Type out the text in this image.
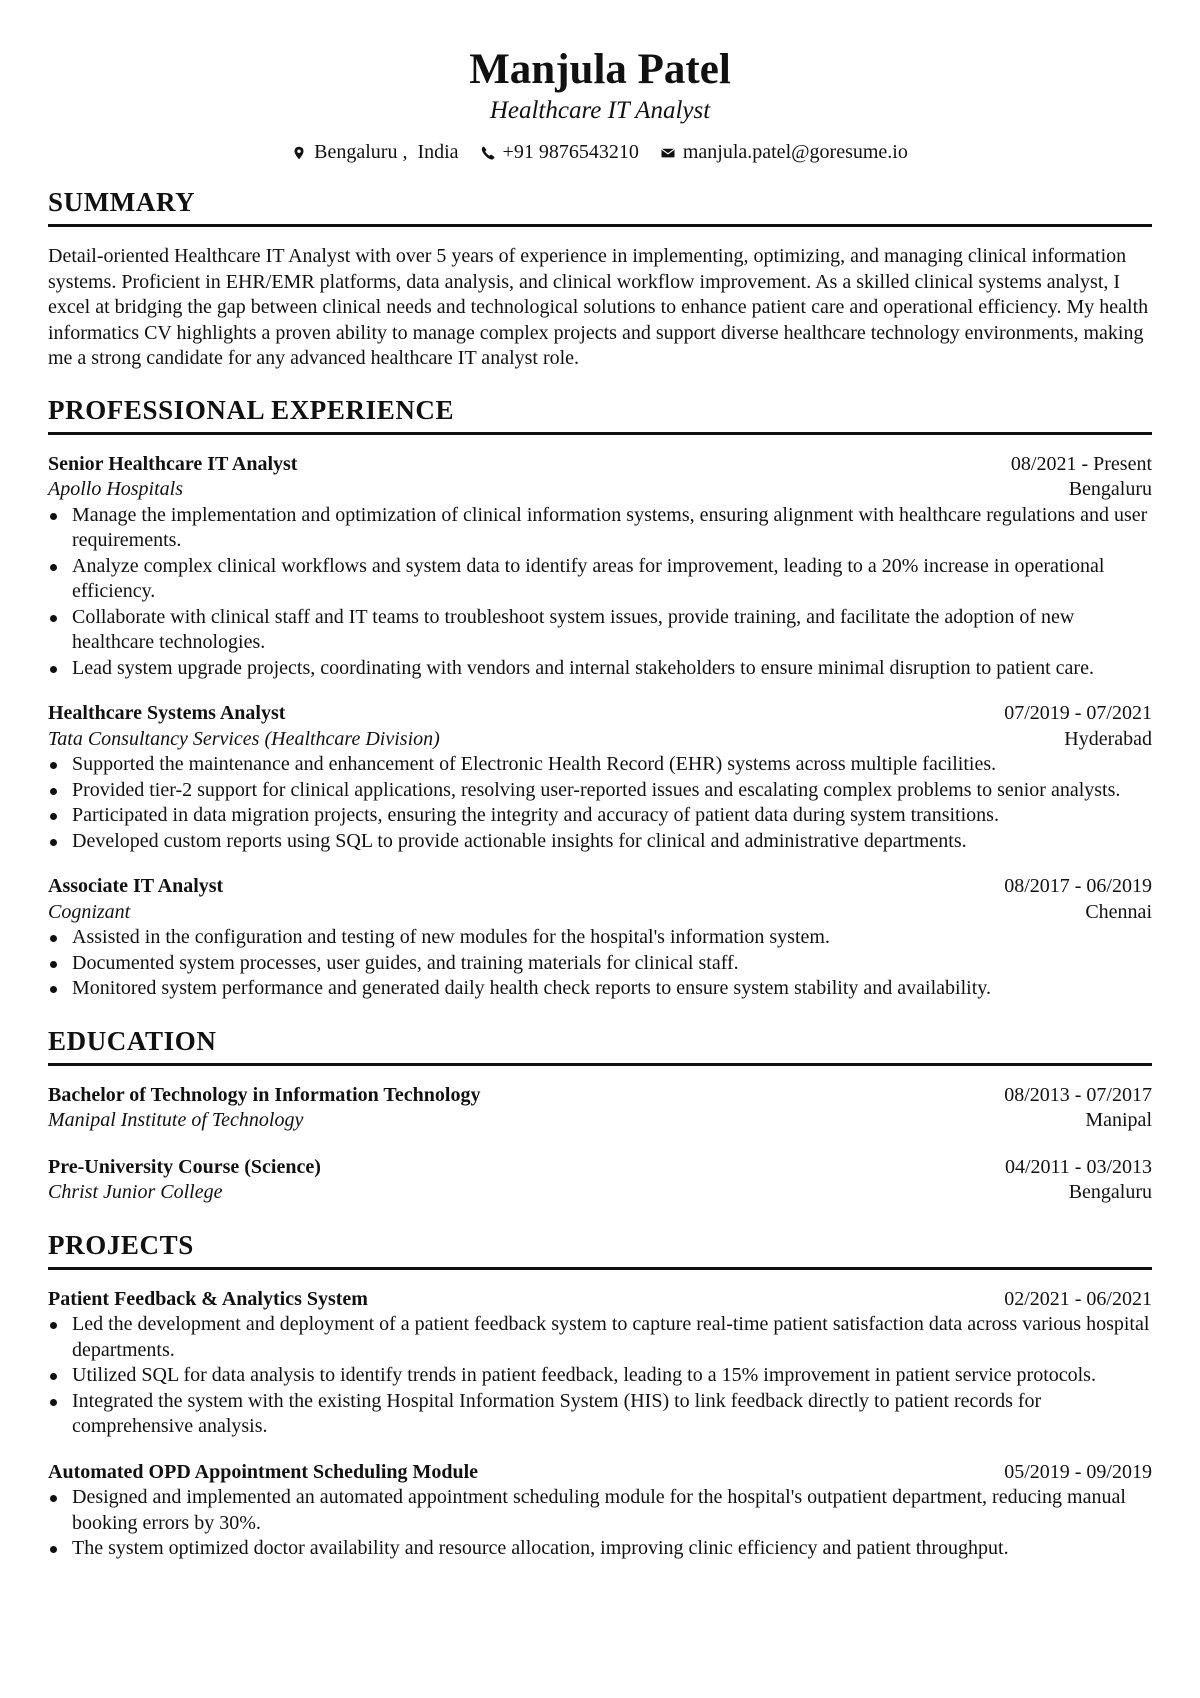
Manjula Patel
Healthcare IT Analyst
Bengaluru ,  India +91 9876543210 manjula.patel@goresume.io
SUMMARY
Detail-oriented Healthcare IT Analyst with over 5 years of experience in implementing, optimizing, and managing clinical information systems. Proficient in EHR/EMR platforms, data analysis, and clinical workflow improvement. As a skilled clinical systems analyst, I excel at bridging the gap between clinical needs and technological solutions to enhance patient care and operational efficiency. My health informatics CV highlights a proven ability to manage complex projects and support diverse healthcare technology environments, making me a strong candidate for any advanced healthcare IT analyst role.
PROFESSIONAL EXPERIENCE
Senior Healthcare IT Analyst	08/2021 - Present
Apollo Hospitals	Bengaluru
Manage the implementation and optimization of clinical information systems, ensuring alignment with healthcare regulations and user requirements.
Analyze complex clinical workflows and system data to identify areas for improvement, leading to a 20% increase in operational efficiency.
Collaborate with clinical staff and IT teams to troubleshoot system issues, provide training, and facilitate the adoption of new healthcare technologies.
Lead system upgrade projects, coordinating with vendors and internal stakeholders to ensure minimal disruption to patient care.
Healthcare Systems Analyst	07/2019 - 07/2021
Tata Consultancy Services (Healthcare Division)	Hyderabad
Supported the maintenance and enhancement of Electronic Health Record (EHR) systems across multiple facilities.
Provided tier-2 support for clinical applications, resolving user-reported issues and escalating complex problems to senior analysts.
Participated in data migration projects, ensuring the integrity and accuracy of patient data during system transitions.
Developed custom reports using SQL to provide actionable insights for clinical and administrative departments.
Associate IT Analyst	08/2017 - 06/2019
Cognizant	Chennai
Assisted in the configuration and testing of new modules for the hospital's information system.
Documented system processes, user guides, and training materials for clinical staff.
Monitored system performance and generated daily health check reports to ensure system stability and availability.
EDUCATION
Bachelor of Technology in Information Technology	08/2013 - 07/2017
Manipal Institute of Technology	Manipal
Pre-University Course (Science)	04/2011 - 03/2013
Christ Junior College	Bengaluru
PROJECTS
Patient Feedback & Analytics System	02/2021 - 06/2021
Led the development and deployment of a patient feedback system to capture real-time patient satisfaction data across various hospital departments.
Utilized SQL for data analysis to identify trends in patient feedback, leading to a 15% improvement in patient service protocols.
Integrated the system with the existing Hospital Information System (HIS) to link feedback directly to patient records for comprehensive analysis.
Automated OPD Appointment Scheduling Module	05/2019 - 09/2019
Designed and implemented an automated appointment scheduling module for the hospital's outpatient department, reducing manual booking errors by 30%.
The system optimized doctor availability and resource allocation, improving clinic efficiency and patient throughput.
